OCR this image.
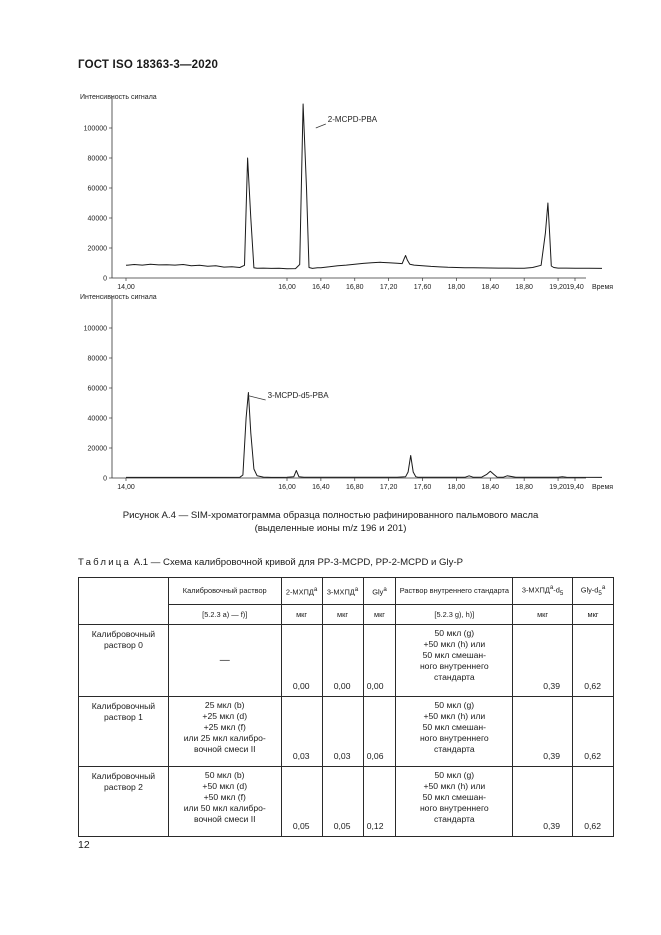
ГОСТ ISO 18363-3—2020
Интенсивность сигнала
0
20000
40000
60000
80000
100000
14,00	16,00 16,40 16,80 17,20 17,60 18,00 18,40 18,80 19,20 19,40 Время
2-MCPD-PBA
Интенсивность сигнала
0
20000
40000
60000
80000
100000
14,00	16,00 16,40 16,80 17,20 17,60 18,00 18,40 18,80 19,20 19,40 Время
3-MCPD-d5-PBA
Рисунок А.4 — SIM-хроматограмма образца полностью рафинированного пальмового масла
(выделенные ионы m/z 196 и 201)
Таблица А.1 — Схема калибровочной кривой для РР-3-MCPD, РР-2-MCPD и Gly-P
	Калибровочный раствор	$2-МХПД^а$	$3-МХПД^а$	Gly$^а$	Раствор внутреннего стандарта	$3-МХПД^а-d_5$	Gly-$d_5^а$
	[5.2.3 а) — f)]	мкг	мкг	мкг	[5.2.3 g), h)]	мкг	мкг

Калибровочный
раствор 0	—	0,00	0,00	0,00	50 мкл (g)
+50 мкл (h) или
50 мкл смешан-
ного внутреннего
стандарта	0,39	0,62

Калибровочный
раствор 1	25 мкл (b)
+25 мкл (d)
+25 мкл (f)
или 25 мкл калибро-
вочной смеси II	0,03	0,03	0,06	50 мкл (g)
+50 мкл (h) или
50 мкл смешан-
ного внутреннего
стандарта	0,39	0,62

Калибровочный
раствор 2	50 мкл (b)
+50 мкл (d)
+50 мкл (f)
или 50 мкл калибро-
вочной смеси II	0,05	0,05	0,12	50 мкл (g)
+50 мкл (h) или
50 мкл смешан-
ного внутреннего
стандарта	0,39	0,62
12
